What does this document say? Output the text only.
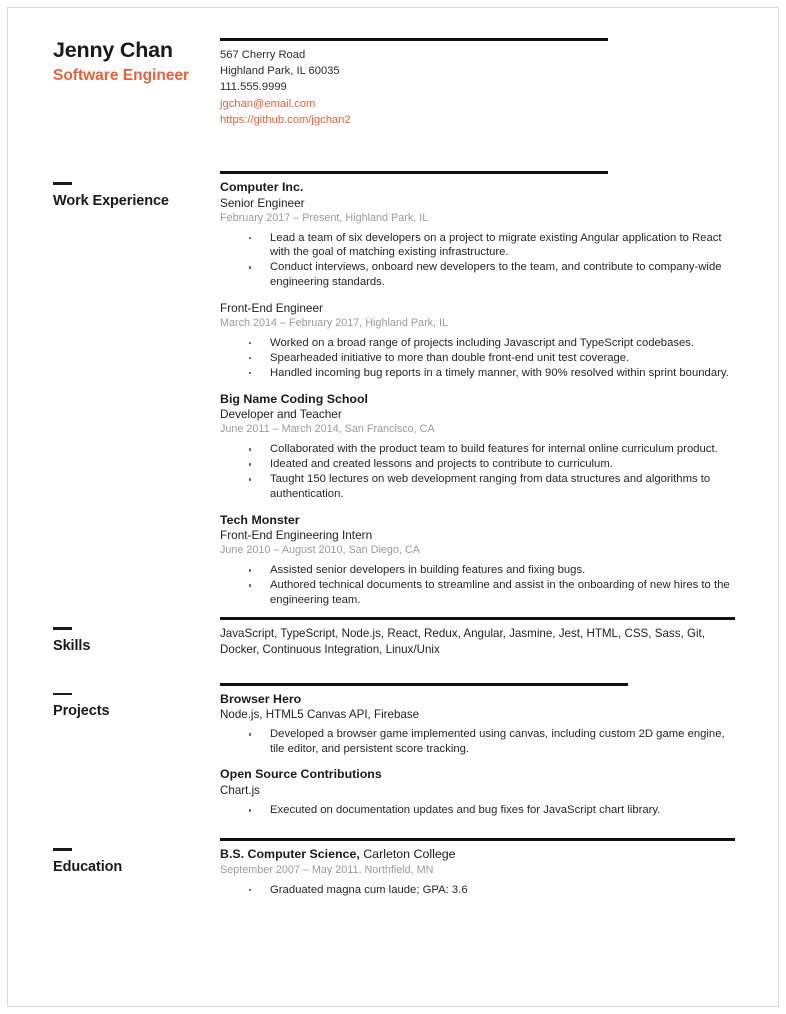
Jenny Chan
Software Engineer
567 Cherry Road
Highland Park, IL 60035
111.555.9999
jgchan@email.com
https://github.com/jgchan2
Work Experience
Computer Inc.
Senior Engineer
February 2017 – Present, Highland Park, IL
Lead a team of six developers on a project to migrate existing Angular application to React with the goal of matching existing infrastructure.
Conduct interviews, onboard new developers to the team, and contribute to company-wide engineering standards.
Front-End Engineer
March 2014 – February 2017, Highland Park, IL
Worked on a broad range of projects including Javascript and TypeScript codebases.
Spearheaded initiative to more than double front-end unit test coverage.
Handled incoming bug reports in a timely manner, with 90% resolved within sprint boundary.
Big Name Coding School
Developer and Teacher
June 2011 – March 2014, San Francisco, CA
Collaborated with the product team to build features for internal online curriculum product.
Ideated and created lessons and projects to contribute to curriculum.
Taught 150 lectures on web development ranging from data structures and algorithms to authentication.
Tech Monster
Front-End Engineering Intern
June 2010 – August 2010, San Diego, CA
Assisted senior developers in building features and fixing bugs.
Authored technical documents to streamline and assist in the onboarding of new hires to the engineering team.
Skills
JavaScript, TypeScript, Node.js, React, Redux, Angular, Jasmine, Jest, HTML, CSS, Sass, Git, Docker, Continuous Integration, Linux/Unix
Projects
Browser Hero
Node.js, HTML5 Canvas API, Firebase
Developed a browser game implemented using canvas, including custom 2D game engine, tile editor, and persistent score tracking.
Open Source Contributions
Chart.js
Executed on documentation updates and bug fixes for JavaScript chart library.
Education
B.S. Computer Science, Carleton College
September 2007 – May 2011, Northfield, MN
Graduated magna cum laude; GPA: 3.6
